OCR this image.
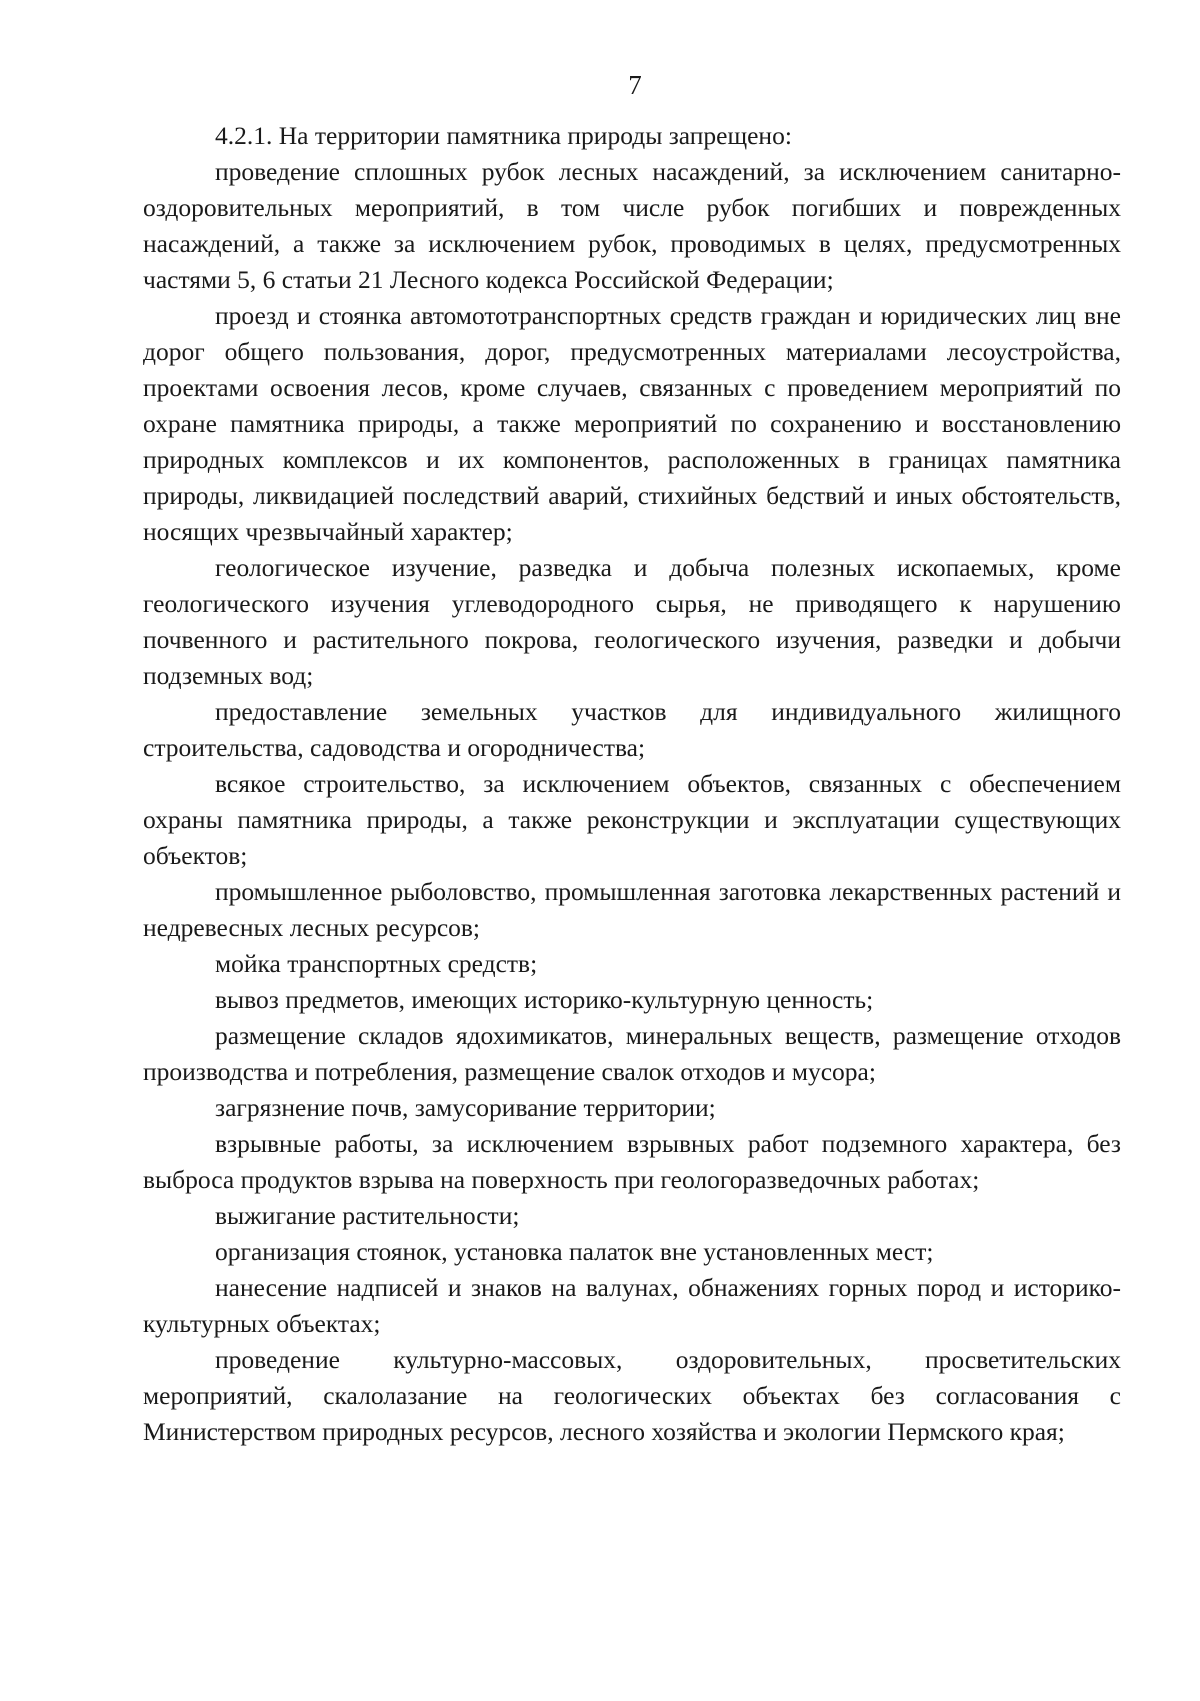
7

4.2.1. На территории памятника природы запрещено:

проведение сплошных рубок лесных насаждений, за исключением санитарно-оздоровительных мероприятий, в том числе рубок погибших и поврежденных насаждений, а также за исключением рубок, проводимых в целях, предусмотренных частями 5, 6 статьи 21 Лесного кодекса Российской Федерации;

проезд и стоянка автомототранспортных средств граждан и юридических лиц вне дорог общего пользования, дорог, предусмотренных материалами лесоустройства, проектами освоения лесов, кроме случаев, связанных с проведением мероприятий по охране памятника природы, а также мероприятий по сохранению и восстановлению природных комплексов и их компонентов, расположенных в границах памятника природы, ликвидацией последствий аварий, стихийных бедствий и иных обстоятельств, носящих чрезвычайный характер;

геологическое изучение, разведка и добыча полезных ископаемых, кроме геологического изучения углеводородного сырья, не приводящего к нарушению почвенного и растительного покрова, геологического изучения, разведки и добычи подземных вод;

предоставление земельных участков для индивидуального жилищного строительства, садоводства и огородничества;

всякое строительство, за исключением объектов, связанных с обеспечением охраны памятника природы, а также реконструкции и эксплуатации существующих объектов;

промышленное рыболовство, промышленная заготовка лекарственных растений и недревесных лесных ресурсов;

мойка транспортных средств;

вывоз предметов, имеющих историко-культурную ценность;

размещение складов ядохимикатов, минеральных веществ, размещение отходов производства и потребления, размещение свалок отходов и мусора;

загрязнение почв, замусоривание территории;

взрывные работы, за исключением взрывных работ подземного характера, без выброса продуктов взрыва на поверхность при геологоразведочных работах;

выжигание растительности;

организация стоянок, установка палаток вне установленных мест;

нанесение надписей и знаков на валунах, обнажениях горных пород и историко-культурных объектах;

проведение культурно-массовых, оздоровительных, просветительских мероприятий, скалолазание на геологических объектах без согласования с Министерством природных ресурсов, лесного хозяйства и экологии Пермского края;
